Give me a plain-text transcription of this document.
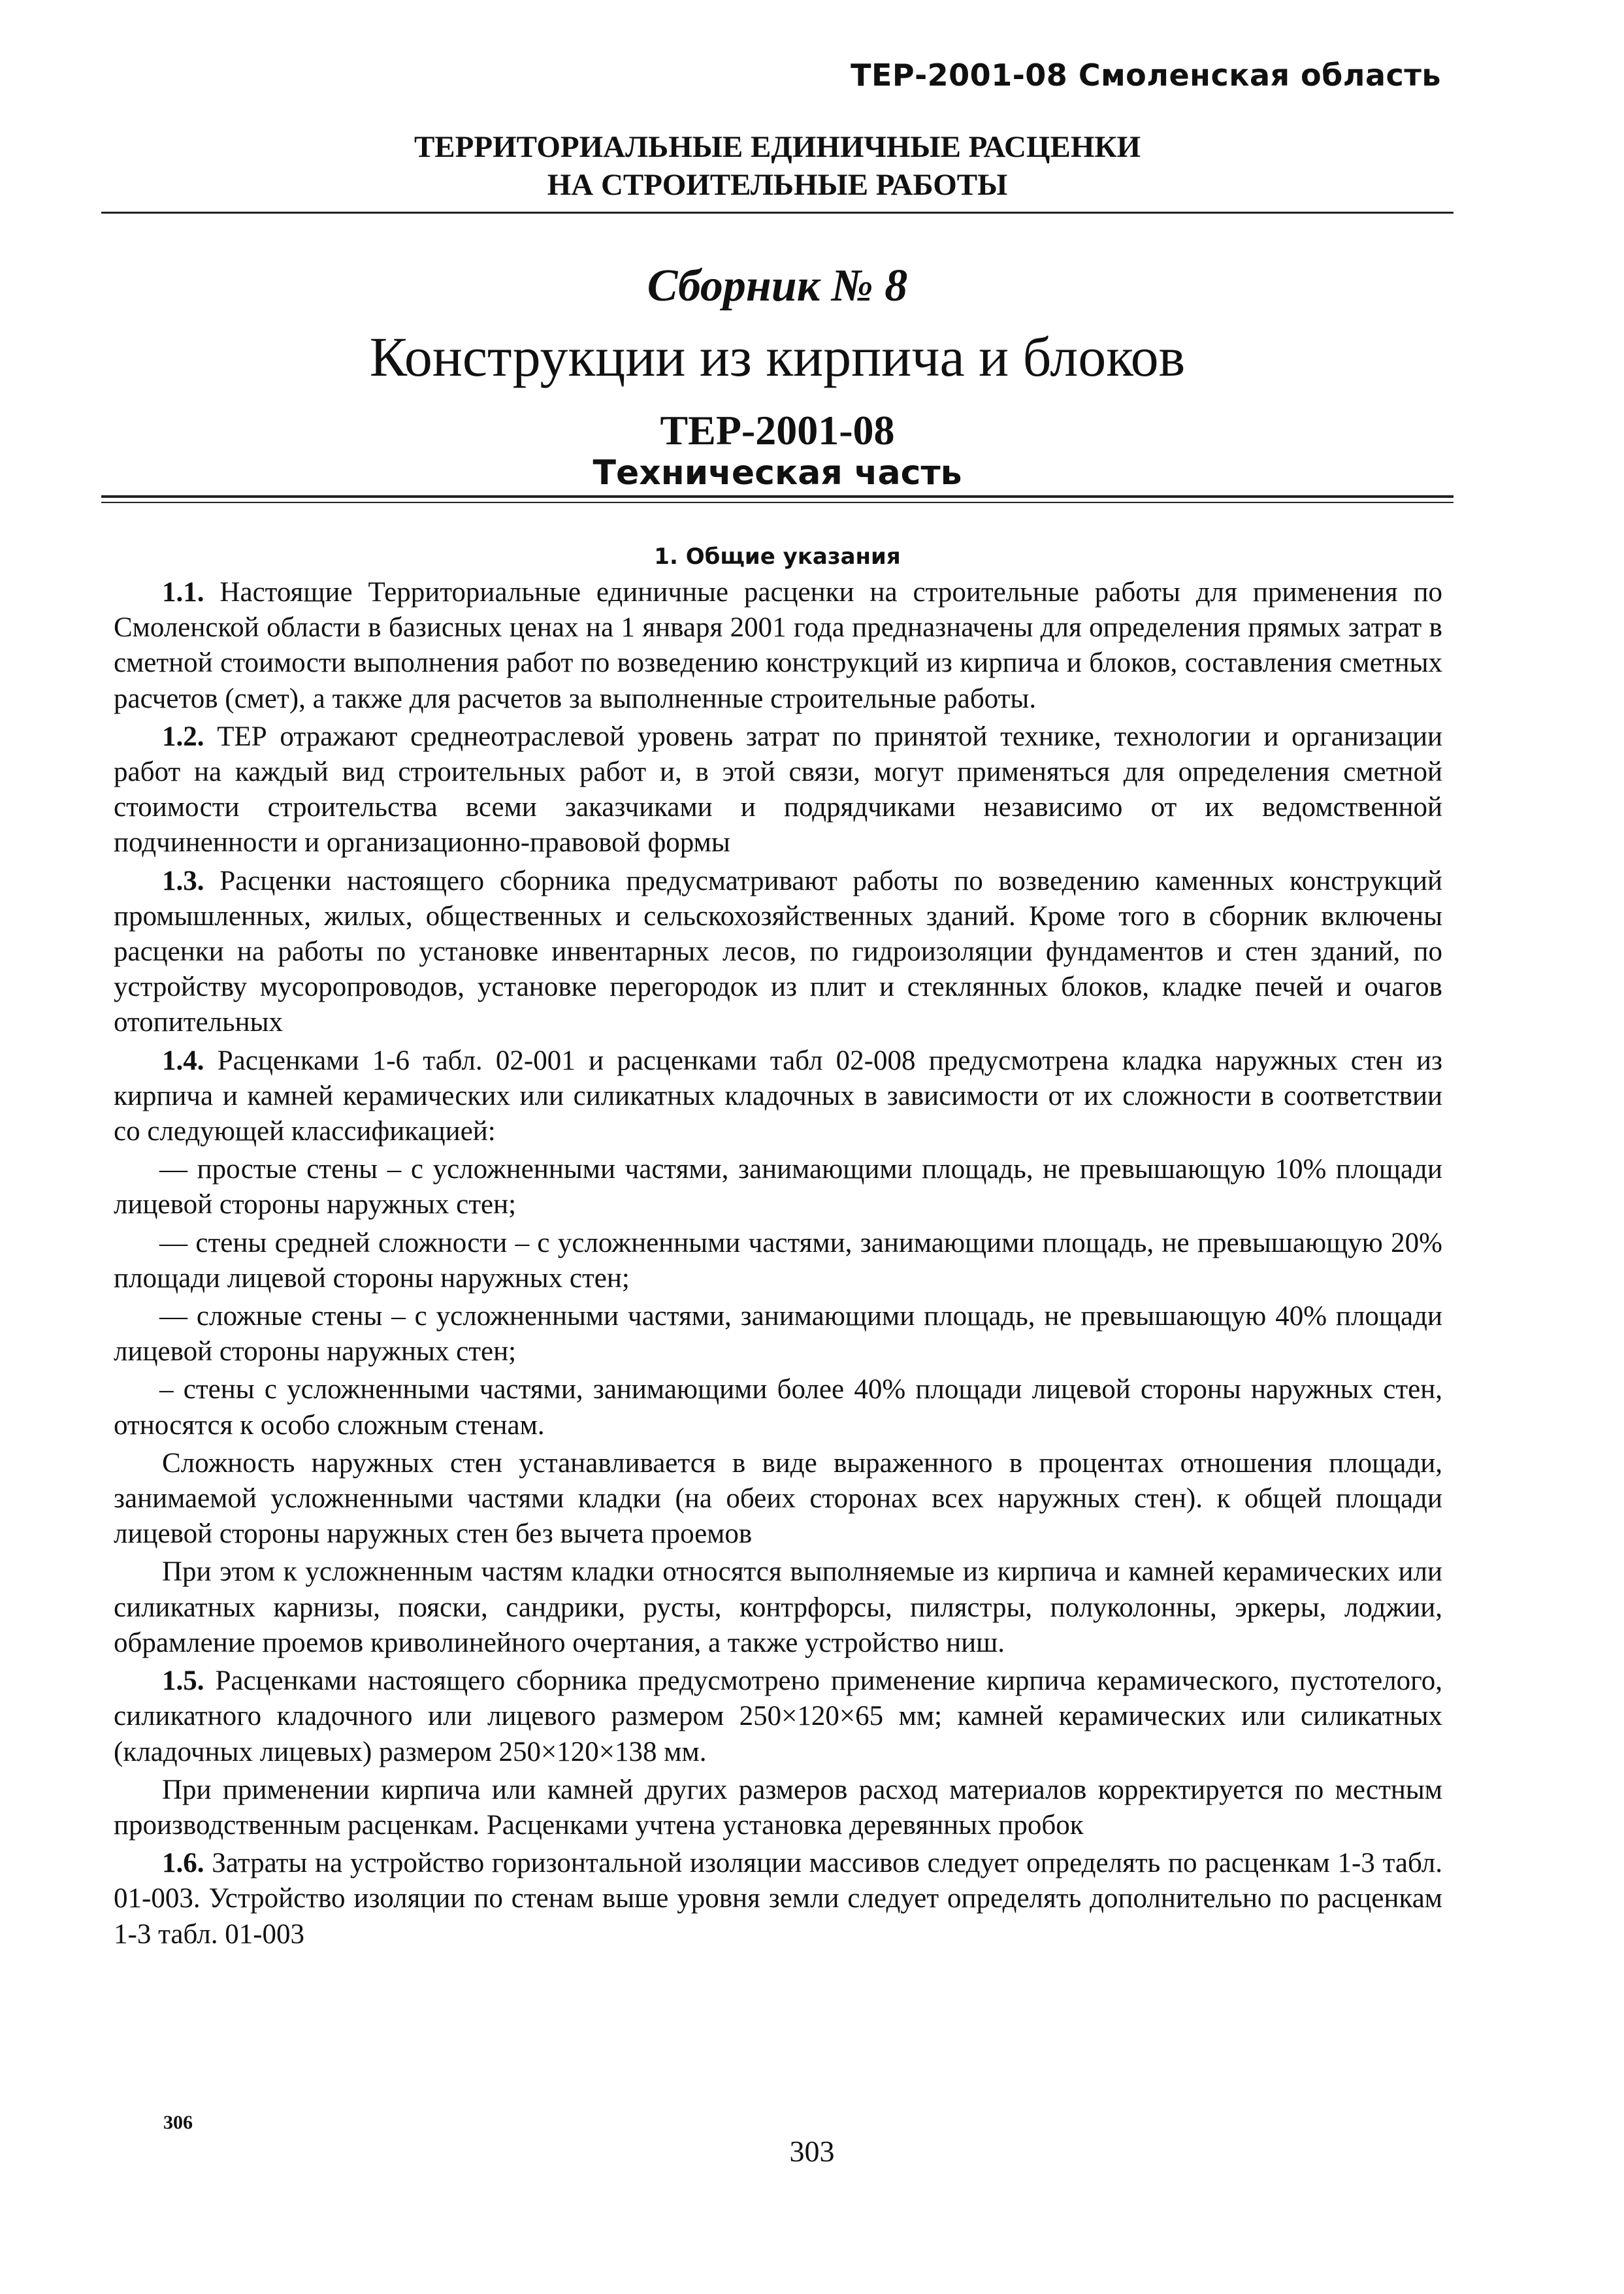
ТЕР-2001-08 Смоленская область
ТЕРРИТОРИАЛЬНЫЕ ЕДИНИЧНЫЕ РАСЦЕНКИ
НА СТРОИТЕЛЬНЫЕ РАБОТЫ
Сборник № 8
Конструкции из кирпича и блоков
ТЕР-2001-08
Техническая часть
1. Общие указания

1.1. Настоящие Территориальные единичные расценки на строительные работы для применения по Смоленской области в базисных ценах на 1 января 2001 года предназначены для определения прямых затрат в сметной стоимости выполнения работ по возведению конструкций из кирпича и блоков, составления сметных расчетов (смет), а также для расчетов за выполненные строительные работы.

1.2. ТЕР отражают среднеотраслевой уровень затрат по принятой технике, технологии и организации работ на каждый вид строительных работ и, в этой связи, могут применяться для определения сметной стоимости строительства всеми заказчиками и подрядчиками независимо от их ведомственной подчиненности и организационно-правовой формы

1.3. Расценки настоящего сборника предусматривают работы по возведению каменных конструкций промышленных, жилых, общественных и сельскохозяйственных зданий. Кроме того в сборник включены расценки на работы по установке инвентарных лесов, по гидроизоляции фундаментов и стен зданий, по устройству мусоропроводов, установке перегородок из плит и стеклянных блоков, кладке печей и очагов отопительных

1.4. Расценками 1-6 табл. 02-001 и расценками табл 02-008 предусмотрена кладка наружных стен из кирпича и камней керамических или силикатных кладочных в зависимости от их сложности в соответствии со следующей классификацией:

— простые стены – с усложненными частями, занимающими площадь, не превышающую 10% площади лицевой стороны наружных стен;

— стены средней сложности – с усложненными частями, занимающими площадь, не превышающую 20% площади лицевой стороны наружных стен;

— сложные стены – с усложненными частями, занимающими площадь, не превышающую 40% площади лицевой стороны наружных стен;

– стены с усложненными частями, занимающими более 40% площади лицевой стороны наружных стен, относятся к особо сложным стенам.

Сложность наружных стен устанавливается в виде выраженного в процентах отношения площади, занимаемой усложненными частями кладки (на обеих сторонах всех наружных стен). к общей площади лицевой стороны наружных стен без вычета проемов

При этом к усложненным частям кладки относятся выполняемые из кирпича и камней керамических или силикатных карнизы, пояски, сандрики, русты, контрфорсы, пилястры, полуколонны, эркеры, лоджии, обрамление проемов криволинейного очертания, а также устройство ниш.

1.5. Расценками настоящего сборника предусмотрено применение кирпича керамического, пустотелого, силикатного кладочного или лицевого размером 250×120×65 мм; камней керамических или силикатных (кладочных лицевых) размером 250×120×138 мм.

При применении кирпича или камней других размеров расход материалов корректируется по местным производственным расценкам. Расценками учтена установка деревянных пробок

1.6. Затраты на устройство горизонтальной изоляции массивов следует определять по расценкам 1-3 табл. 01-003. Устройство изоляции по стенам выше уровня земли следует определять дополнительно по расценкам 1-3 табл. 01-003

306
303
